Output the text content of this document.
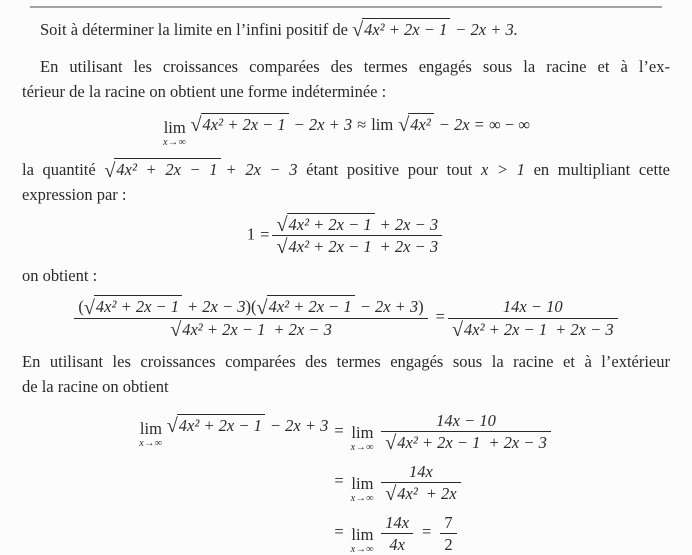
Soit à déterminer la limite en l’infini positif de √4x² + 2x − 1 − 2x + 3.

En utilisant les croissances comparées des termes engagés sous la racine et à l’ex-

térieur de la racine on obtient une forme indéterminée :

lim
x→∞
√4x² + 2x − 1 − 2x + 3 ≈ lim √4x² − 2x = ∞ − ∞

la quantité √4x² + 2x − 1 + 2x − 3 étant positive pour tout x > 1 en multipliant cette

expression par :

$1 = \frac{\text{√4x² + 2x − 1 + 2x − 3}}{\text{√4x² + 2x − 1 + 2x − 3}}$

on obtient :

$\frac{\text{(√4x² + 2x − 1 + 2x − 3)(√4x² + 2x − 1 − 2x + 3)}}{\text{√4x² + 2x − 1 + 2x − 3}} = \frac{14x - 10}{\text{√4x² + 2x − 1 + 2x − 3}}$

En utilisant les croissances comparées des termes engagés sous la racine et à l’extérieur

de la racine on obtient

lim
x→∞
√4x² + 2x − 1 − 2x + 3 = lim
$x\to\infty \frac{14x - 10}{\text{√4x² + 2x − 1 + 2x − 3}}$
= lim
$x\to\infty \frac{14x}{\text{√4x² + 2x}}$
= lim
$x\to\infty \frac{14x}{4x} = \frac{7}{2}$
